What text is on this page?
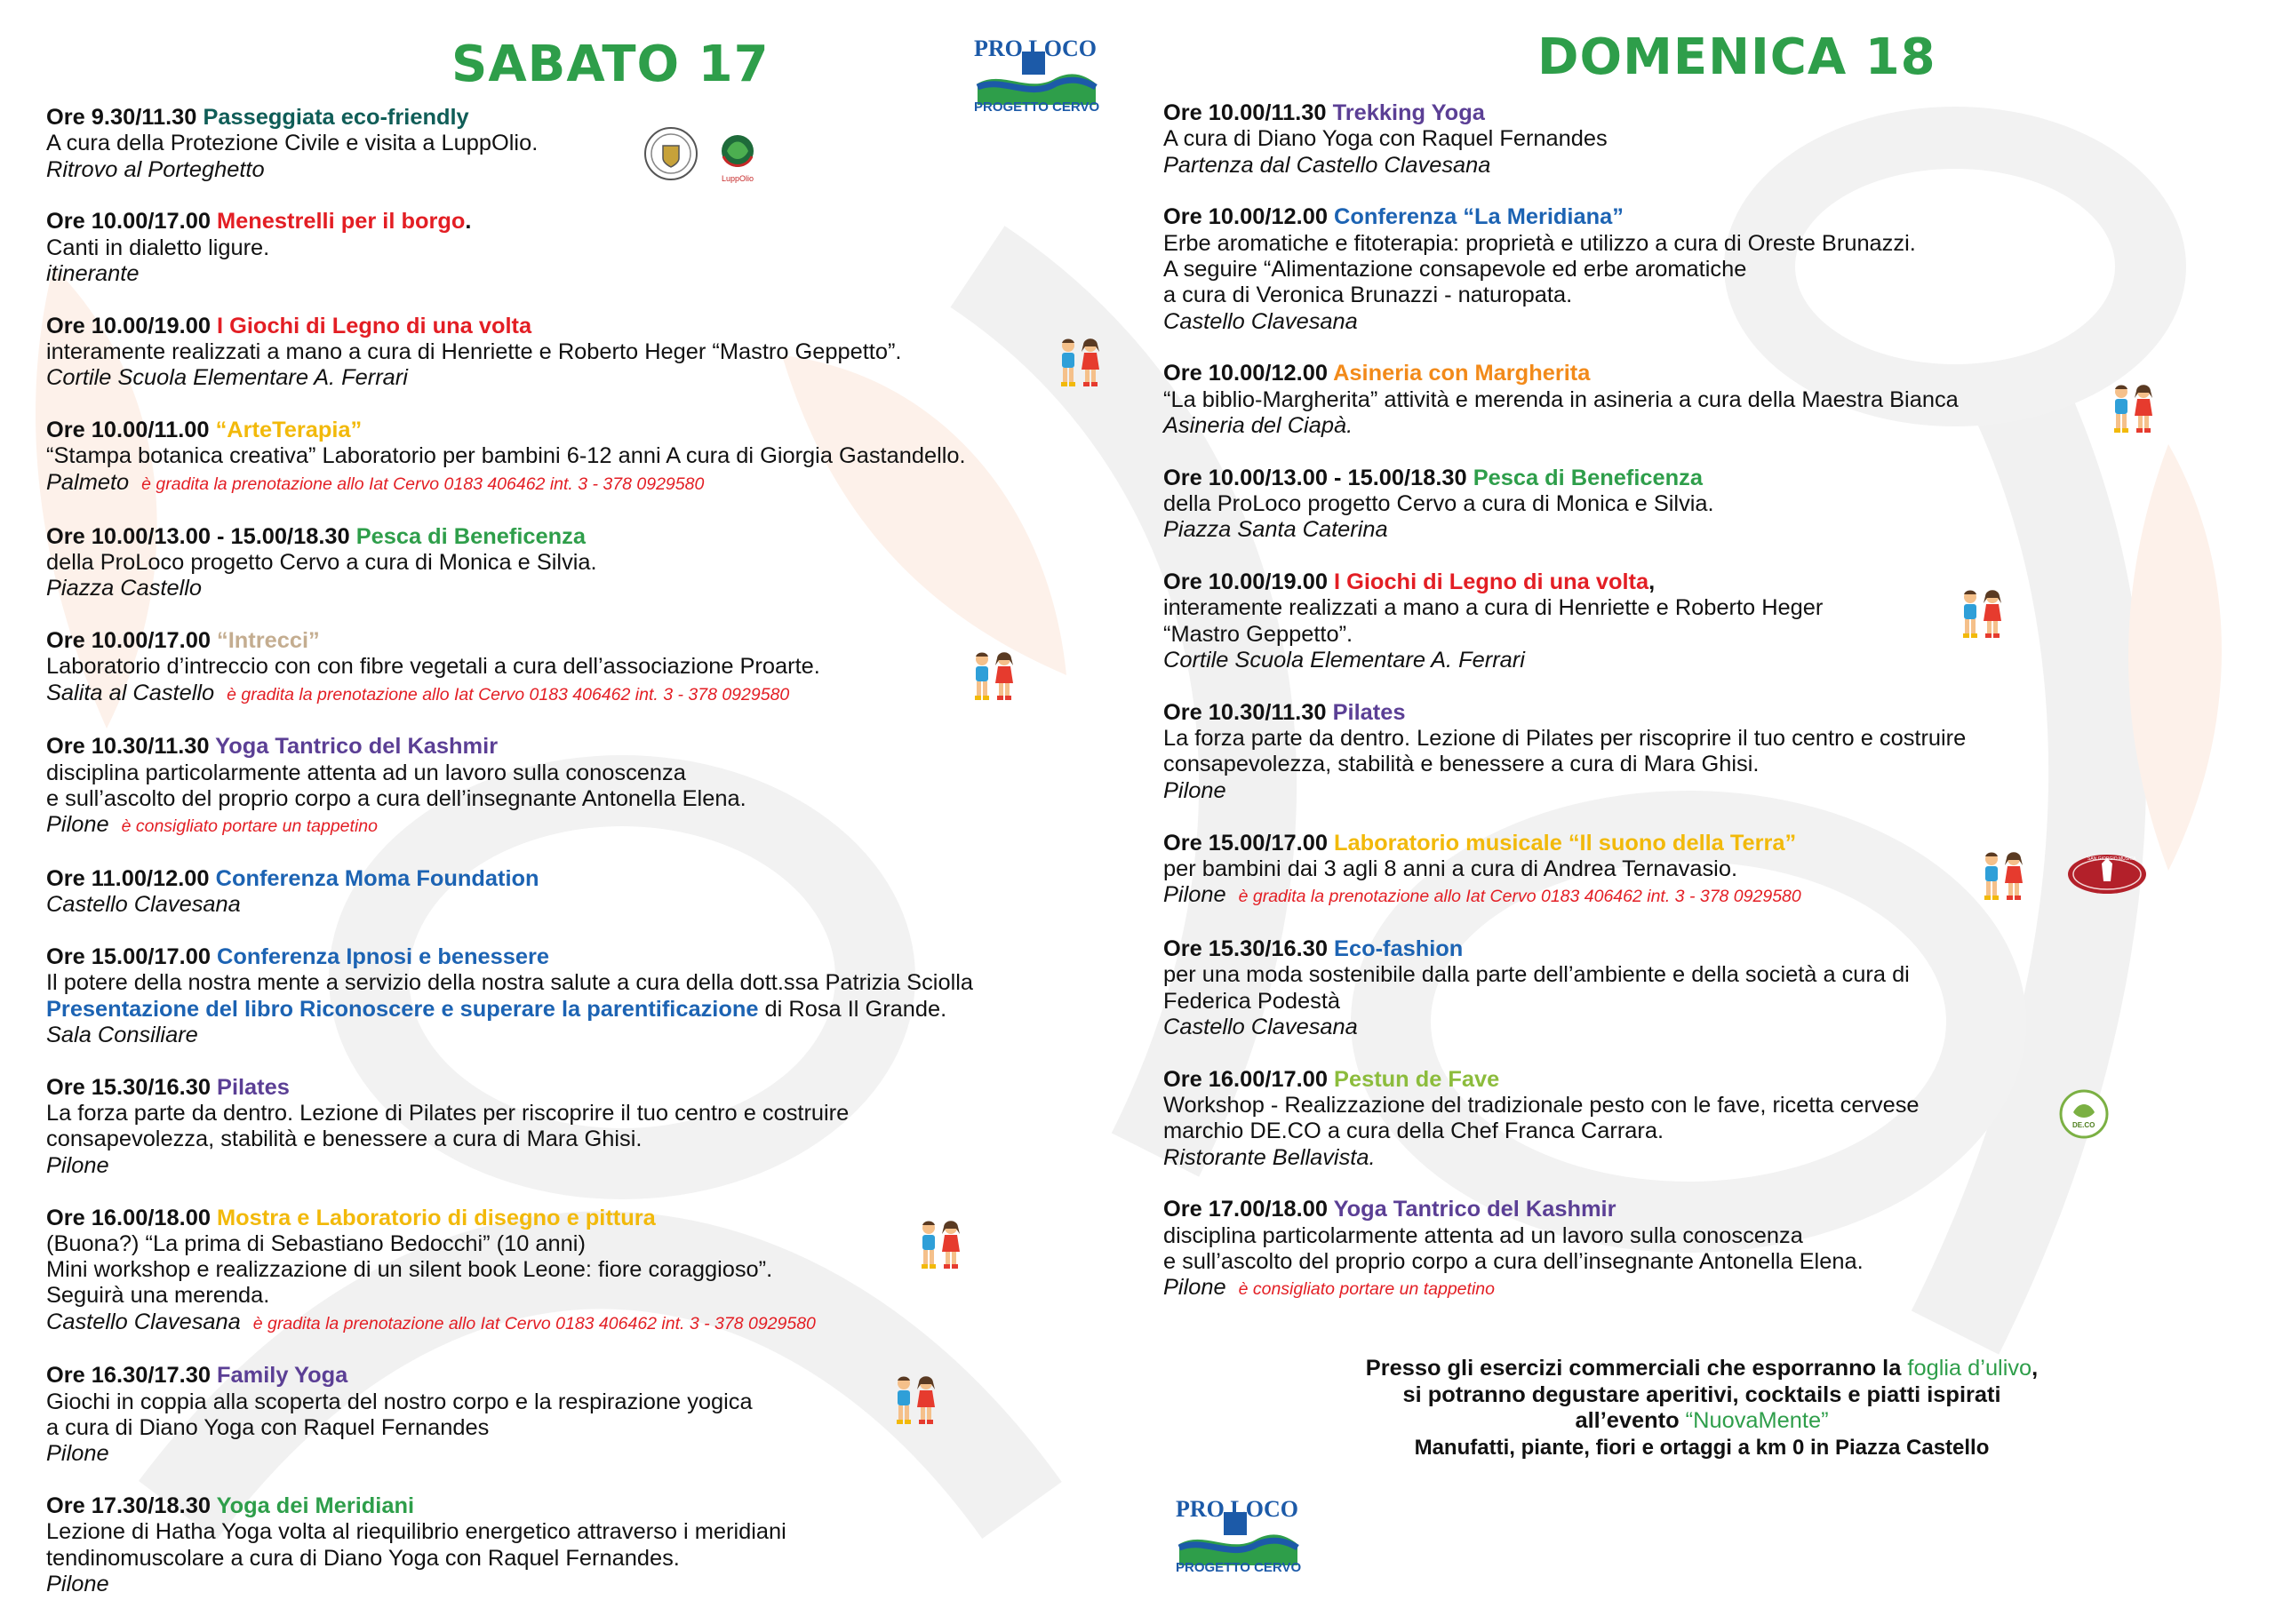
SABATO 17	DOMENICA 18
PRO LOCO
PROGETTO CERVO
PRO LOCO
PROGETTO CERVO
LuppOlio
SAN GIORGIO MUSICA
DE.CO
Ore 9.30/11.30 Passeggiata eco-friendly
A cura della Protezione Civile e visita a LuppOlio.
Ritrovo al Porteghetto
Ore 10.00/17.00 Menestrelli per il borgo.
Canti in dialetto ligure.
itinerante
Ore 10.00/19.00 I Giochi di Legno di una volta
interamente realizzati a mano a cura di Henriette e Roberto Heger “Mastro Geppetto”.
Cortile Scuola Elementare A. Ferrari
Ore 10.00/11.00 “ArteTerapia”
“Stampa botanica creativa” Laboratorio per bambini 6-12 anni A cura di Giorgia Gastandello.
Palmeto è gradita la prenotazione allo Iat Cervo 0183 406462 int. 3 - 378 0929580
Ore 10.00/13.00 - 15.00/18.30 Pesca di Beneficenza
della ProLoco progetto Cervo a cura di Monica e Silvia.
Piazza Castello
Ore 10.00/17.00 “Intrecci”
Laboratorio d’intreccio con con fibre vegetali a cura dell’associazione Proarte.
Salita al Castello è gradita la prenotazione allo Iat Cervo 0183 406462 int. 3 - 378 0929580
Ore 10.30/11.30 Yoga Tantrico del Kashmir
disciplina particolarmente attenta ad un lavoro sulla conoscenza
e sull’ascolto del proprio corpo a cura dell’insegnante Antonella Elena.
Pilone è consigliato portare un tappetino
Ore 11.00/12.00 Conferenza Moma Foundation
Castello Clavesana
Ore 15.00/17.00 Conferenza Ipnosi e benessere
Il potere della nostra mente a servizio della nostra salute a cura della dott.ssa Patrizia Sciolla
Presentazione del libro Riconoscere e superare la parentificazione di Rosa Il Grande.
Sala Consiliare
Ore 15.30/16.30 Pilates
La forza parte da dentro. Lezione di Pilates per riscoprire il tuo centro e costruire
consapevolezza, stabilità e benessere a cura di Mara Ghisi.
Pilone
Ore 16.00/18.00 Mostra e Laboratorio di disegno e pittura
(Buona?) “La prima di Sebastiano Bedocchi” (10 anni)
Mini workshop e realizzazione di un silent book Leone: fiore coraggioso”.
Seguirà una merenda.
Castello Clavesana è gradita la prenotazione allo Iat Cervo 0183 406462 int. 3 - 378 0929580
Ore 16.30/17.30 Family Yoga
Giochi in coppia alla scoperta del nostro corpo e la respirazione yogica
a cura di Diano Yoga con Raquel Fernandes
Pilone
Ore 17.30/18.30 Yoga dei Meridiani
Lezione di Hatha Yoga volta al riequilibrio energetico attraverso i meridiani
tendinomuscolare a cura di Diano Yoga con Raquel Fernandes.
Pilone
Ore 10.00/11.30 Trekking Yoga
A cura di Diano Yoga con Raquel Fernandes
Partenza dal Castello Clavesana
Ore 10.00/12.00 Conferenza “La Meridiana”
Erbe aromatiche e fitoterapia: proprietà e utilizzo a cura di Oreste Brunazzi.
A seguire “Alimentazione consapevole ed erbe aromatiche
a cura di Veronica Brunazzi - naturopata.
Castello Clavesana
Ore 10.00/12.00 Asineria con Margherita
“La biblio-Margherita” attività e merenda in asineria a cura della Maestra Bianca
Asineria del Ciapà.
Ore 10.00/13.00 - 15.00/18.30 Pesca di Beneficenza
della ProLoco progetto Cervo a cura di Monica e Silvia.
Piazza Santa Caterina
Ore 10.00/19.00 I Giochi di Legno di una volta,
interamente realizzati a mano a cura di Henriette e Roberto Heger
“Mastro Geppetto”.
Cortile Scuola Elementare A. Ferrari
Ore 10.30/11.30 Pilates
La forza parte da dentro. Lezione di Pilates per riscoprire il tuo centro e costruire
consapevolezza, stabilità e benessere a cura di Mara Ghisi.
Pilone
Ore 15.00/17.00 Laboratorio musicale “Il suono della Terra”
per bambini dai 3 agli 8 anni a cura di Andrea Ternavasio.
Pilone è gradita la prenotazione allo Iat Cervo 0183 406462 int. 3 - 378 0929580
Ore 15.30/16.30 Eco-fashion
per una moda sostenibile dalla parte dell’ambiente e della società a cura di
Federica Podestà
Castello Clavesana
Ore 16.00/17.00 Pestun de Fave
Workshop - Realizzazione del tradizionale pesto con le fave, ricetta cervese
marchio DE.CO a cura della Chef Franca Carrara.
Ristorante Bellavista.
Ore 17.00/18.00 Yoga Tantrico del Kashmir
disciplina particolarmente attenta ad un lavoro sulla conoscenza
e sull’ascolto del proprio corpo a cura dell’insegnante Antonella Elena.
Pilone è consigliato portare un tappetino
Presso gli esercizi commerciali che esporranno la foglia d’ulivo,
si potranno degustare aperitivi, cocktails e piatti ispirati
all’evento “NuovaMente”
Manufatti, piante, fiori e ortaggi a km 0 in Piazza Castello
